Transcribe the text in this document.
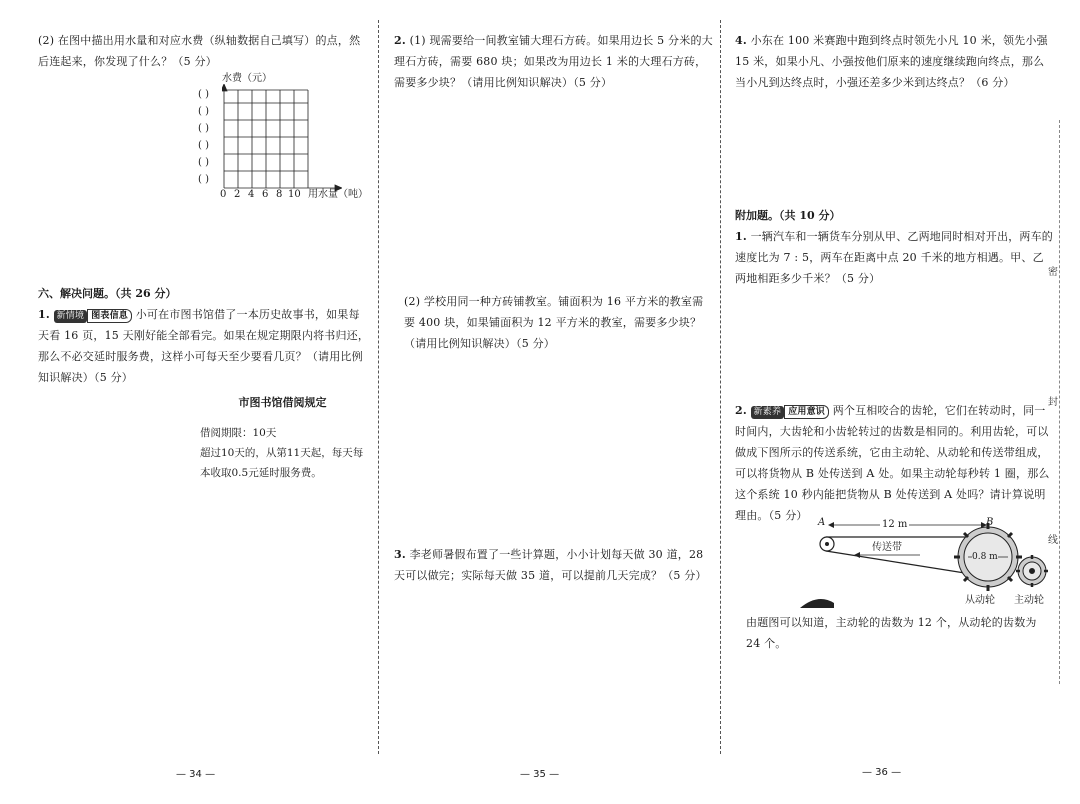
密
封
线

(2) 在图中描出用水量和对应水费（纵轴数据自己填写）的点，然后连起来，你发现了什么？（5 分）

水费（元）
( )
( )
( )
( )
( )
( )
0 2 4 6 8 10 用水量（吨）

六、解决问题。（共 26 分）

1. 新情境 图表信息 小可在市图书馆借了一本历史故事书，如果每天看 16 页，15 天刚好能全部看完。如果在规定期限内将书归还，那么不必交延时服务费，这样小可每天至少要看几页？（请用比例知识解决）（5 分）

市图书馆借阅规定

借阅期限：10天

超过10天的，从第11天起，每天每本收取0.5元延时服务费。

— 34 —

2. (1) 现需要给一间教室铺大理石方砖。如果用边长 5 分米的大理石方砖，需要 680 块；如果改为用边长 1 米的大理石方砖，需要多少块？（请用比例知识解决）（5 分）

(2) 学校用同一种方砖铺教室。铺面积为 16 平方米的教室需要 400 块，如果铺面积为 12 平方米的教室，需要多少块？（请用比例知识解决）（5 分）

3. 李老师暑假布置了一些计算题，小小计划每天做 30 道，28 天可以做完；实际每天做 35 道，可以提前几天完成？（5 分）

— 35 —

4. 小东在 100 米赛跑中跑到终点时领先小凡 10 米，领先小强 15 米，如果小凡、小强按他们原来的速度继续跑向终点，那么当小凡到达终点时，小强还差多少米到达终点？（6 分）

附加题。（共 10 分）

1. 一辆汽车和一辆货车分别从甲、乙两地同时相对开出，两车的速度比为 7 : 5，两车在距离中点 20 千米的地方相遇。甲、乙两地相距多少千米？（5 分）

2. 新素养 应用意识 两个互相咬合的齿轮，它们在转动时，同一时间内，大齿轮和小齿轮转过的齿数是相同的。利用齿轮，可以做成下图所示的传送系统，它由主动轮、从动轮和传送带组成，可以将货物从 B 处传送到 A 处。如果主动轮每秒转 1 圈，那么这个系统 10 秒内能把货物从 B 处传送到 A 处吗？请计算说明理由。（5 分）

A	B
12 m
传送带
0.8 m
从动轮 主动轮

由题图可以知道，主动轮的齿数为 12 个，从动轮的齿数为 24 个。

— 36 —
